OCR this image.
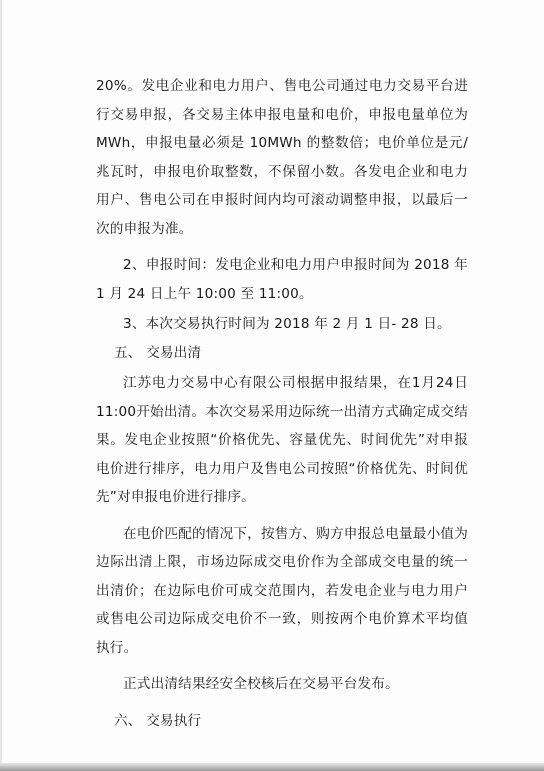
20%。发电企业和电力用户、售电公司通过电力交易平台进行交易申报，各交易主体申报电量和电价，申报电量单位为MWh，申报电量必须是 10MWh 的整数倍；电价单位是元/兆瓦时，申报电价取整数，不保留小数。各发电企业和电力用户、售电公司在申报时间内均可滚动调整申报，以最后一次的申报为准。

2、申报时间：发电企业和电力用户申报时间为 2018 年 1 月 24 日上午 10:00 至 11:00。

3、本次交易执行时间为 2018 年 2 月 1 日- 28 日。

五、 交易出清

江苏电力交易中心有限公司根据申报结果，在1月24日11:00开始出清。本次交易采用边际统一出清方式确定成交结果。发电企业按照“价格优先、容量优先、时间优先”对申报电价进行排序，电力用户及售电公司按照“价格优先、时间优先”对申报电价进行排序。

在电价匹配的情况下，按售方、购方申报总电量最小值为边际出清上限，市场边际成交电价作为全部成交电量的统一出清价；在边际电价可成交范围内，若发电企业与电力用户或售电公司边际成交电价不一致，则按两个电价算术平均值执行。

正式出清结果经安全校核后在交易平台发布。

六、 交易执行
